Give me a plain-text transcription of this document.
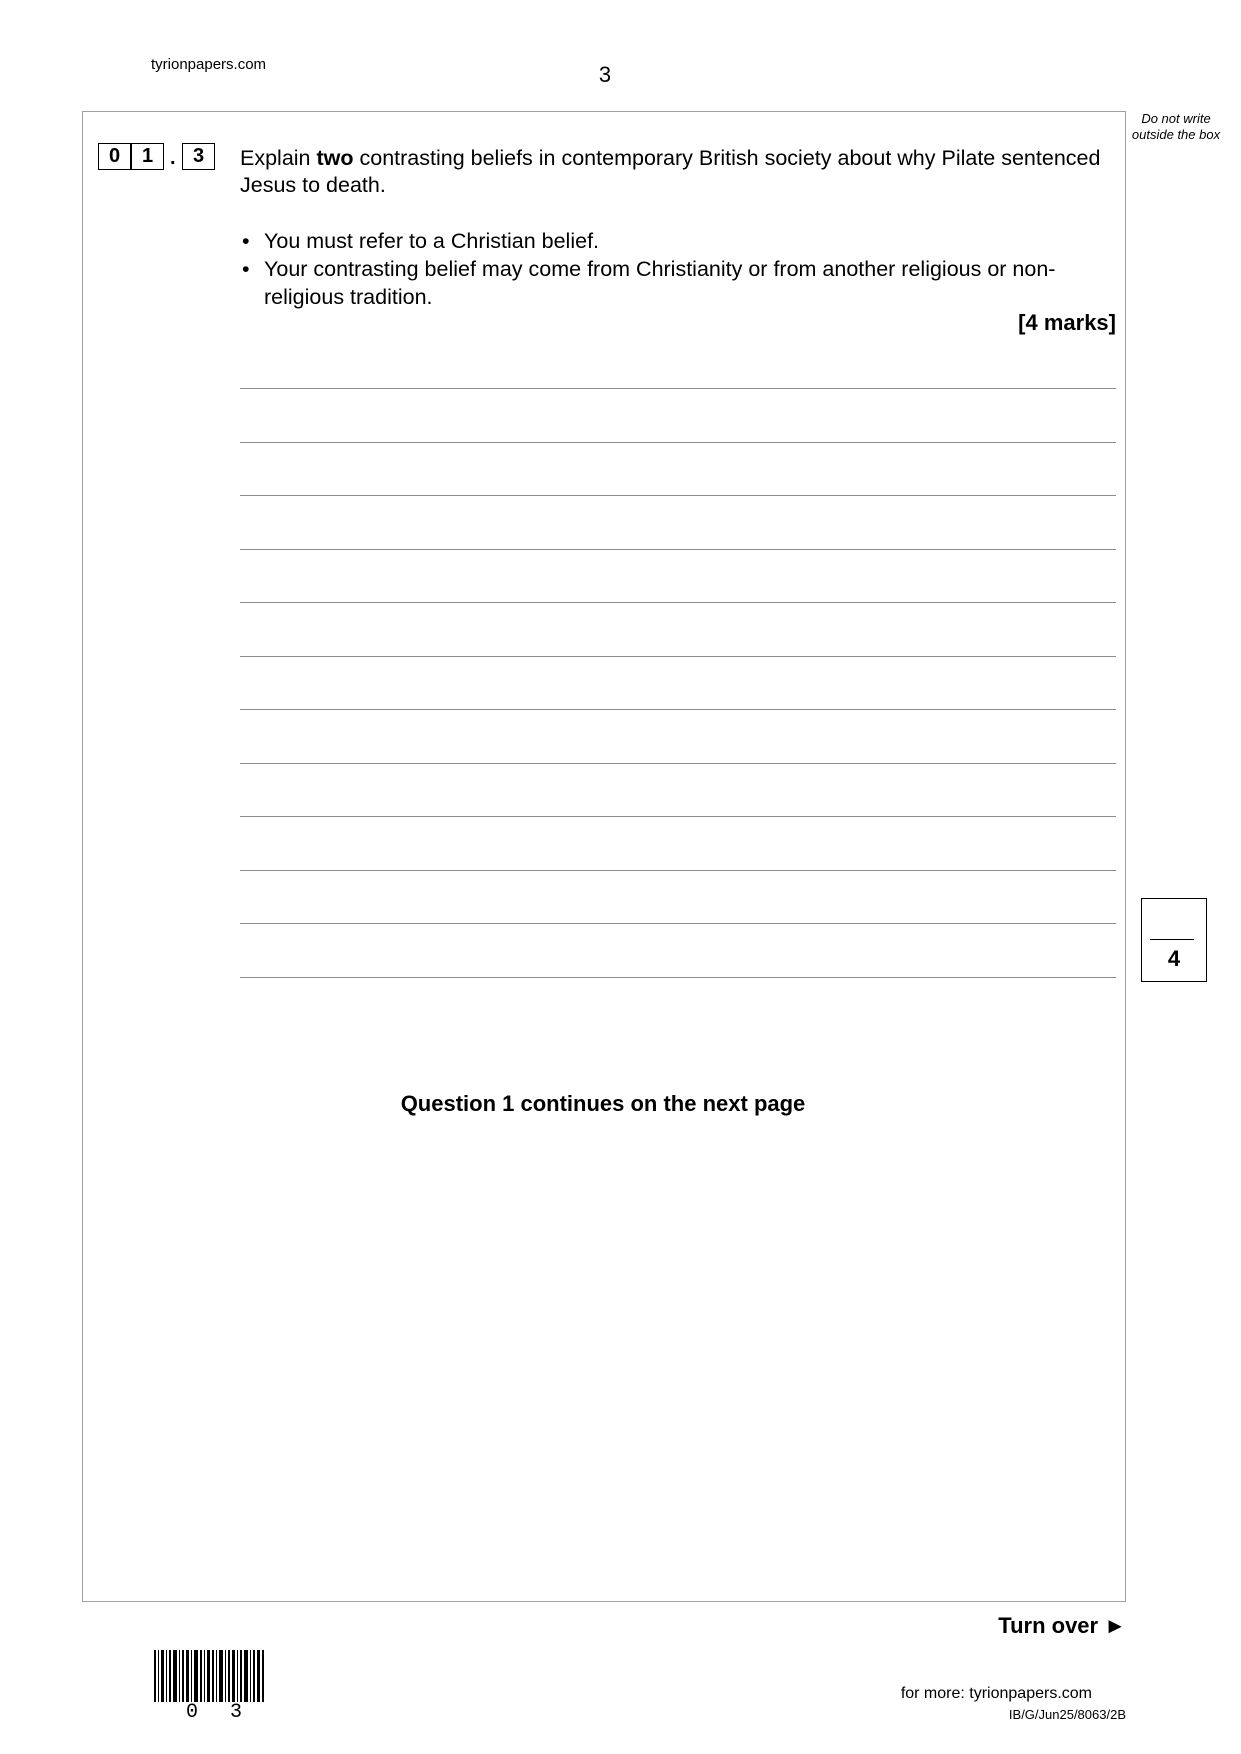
tyrionpapers.com	3
Do not write outside the box
0	1 . 3	Explain two contrasting beliefs in contemporary British society about why Pilate sentenced Jesus to death.
• You must refer to a Christian belief.
• Your contrasting belief may come from Christianity or from another religious or non-religious tradition.
[4 marks]
4
Question 1 continues on the next page
Turn over ►
0 3
for more: tyrionpapers.com
IB/G/Jun25/8063/2B
